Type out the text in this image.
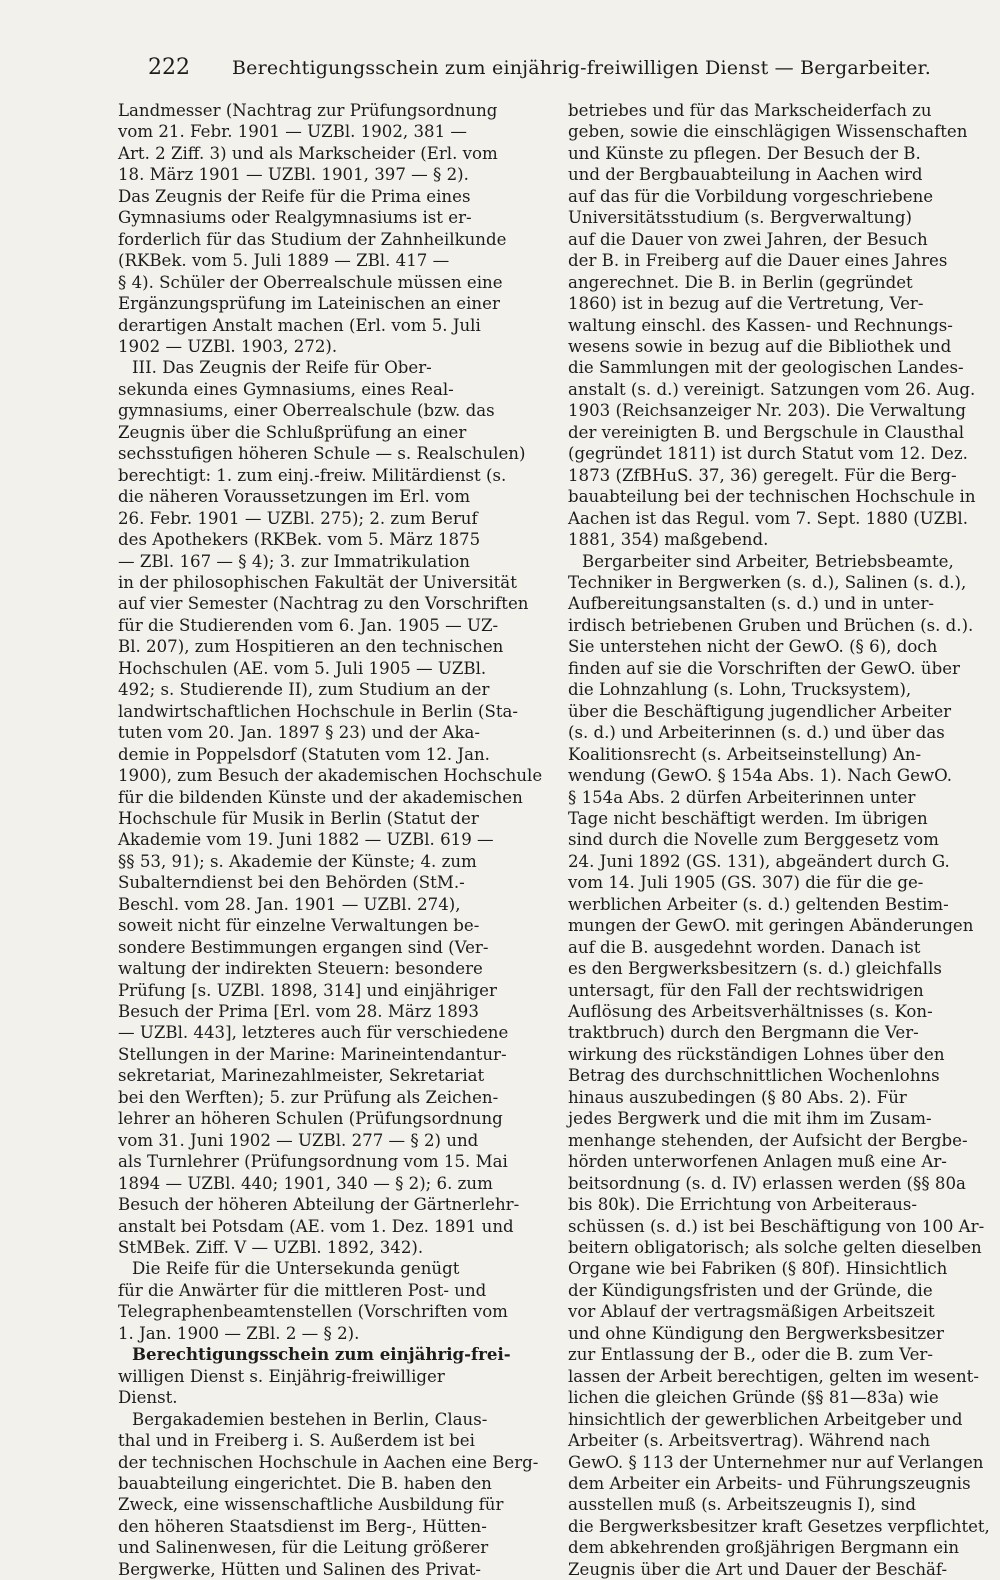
222 Berechtigungsschein zum einjährig-freiwilligen Dienst — Bergarbeiter.
Landmesser (Nachtrag zur Prüfungsordnung
vom 21. Febr. 1901 — UZBl. 1902, 381 —
Art. 2 Ziff. 3) und als Markscheider (Erl. vom
18. März 1901 — UZBl. 1901, 397 — § 2).
Das Zeugnis der Reife für die Prima eines
Gymnasiums oder Realgymnasiums ist er-
forderlich für das Studium der Zahnheilkunde
(RKBek. vom 5. Juli 1889 — ZBl. 417 —
§ 4). Schüler der Oberrealschule müssen eine
Ergänzungsprüfung im Lateinischen an einer
derartigen Anstalt machen (Erl. vom 5. Juli
1902 — UZBl. 1903, 272).
III. Das Zeugnis der Reife für Ober-
sekunda eines Gymnasiums, eines Real-
gymnasiums, einer Oberrealschule (bzw. das
Zeugnis über die Schlußprüfung an einer
sechsstufigen höheren Schule — s. Realschulen)
berechtigt: 1. zum einj.-freiw. Militärdienst (s.
die näheren Voraussetzungen im Erl. vom
26. Febr. 1901 — UZBl. 275); 2. zum Beruf
des Apothekers (RKBek. vom 5. März 1875
— ZBl. 167 — § 4); 3. zur Immatrikulation
in der philosophischen Fakultät der Universität
auf vier Semester (Nachtrag zu den Vorschriften
für die Studierenden vom 6. Jan. 1905 — UZ-
Bl. 207), zum Hospitieren an den technischen
Hochschulen (AE. vom 5. Juli 1905 — UZBl.
492; s. Studierende II), zum Studium an der
landwirtschaftlichen Hochschule in Berlin (Sta-
tuten vom 20. Jan. 1897 § 23) und der Aka-
demie in Poppelsdorf (Statuten vom 12. Jan.
1900), zum Besuch der akademischen Hochschule
für die bildenden Künste und der akademischen
Hochschule für Musik in Berlin (Statut der
Akademie vom 19. Juni 1882 — UZBl. 619 —
§§ 53, 91); s. Akademie der Künste; 4. zum
Subalterndienst bei den Behörden (StM.-
Beschl. vom 28. Jan. 1901 — UZBl. 274),
soweit nicht für einzelne Verwaltungen be-
sondere Bestimmungen ergangen sind (Ver-
waltung der indirekten Steuern: besondere
Prüfung [s. UZBl. 1898, 314] und einjähriger
Besuch der Prima [Erl. vom 28. März 1893
— UZBl. 443], letzteres auch für verschiedene
Stellungen in der Marine: Marineintendantur-
sekretariat, Marinezahlmeister, Sekretariat
bei den Werften); 5. zur Prüfung als Zeichen-
lehrer an höheren Schulen (Prüfungsordnung
vom 31. Juni 1902 — UZBl. 277 — § 2) und
als Turnlehrer (Prüfungsordnung vom 15. Mai
1894 — UZBl. 440; 1901, 340 — § 2); 6. zum
Besuch der höheren Abteilung der Gärtnerlehr-
anstalt bei Potsdam (AE. vom 1. Dez. 1891 und
StMBek. Ziff. V — UZBl. 1892, 342).
Die Reife für die Untersekunda genügt
für die Anwärter für die mittleren Post- und
Telegraphenbeamtenstellen (Vorschriften vom
1. Jan. 1900 — ZBl. 2 — § 2).
Berechtigungsschein zum einjährig-frei-
willigen Dienst s. Einjährig-freiwilliger
Dienst.
Bergakademien bestehen in Berlin, Claus-
thal und in Freiberg i. S. Außerdem ist bei
der technischen Hochschule in Aachen eine Berg-
bauabteilung eingerichtet. Die B. haben den
Zweck, eine wissenschaftliche Ausbildung für
den höheren Staatsdienst im Berg-, Hütten-
und Salinenwesen, für die Leitung größerer
Bergwerke, Hütten und Salinen des Privat-
betriebes und für das Markscheiderfach zu
geben, sowie die einschlägigen Wissenschaften
und Künste zu pflegen. Der Besuch der B.
und der Bergbauabteilung in Aachen wird
auf das für die Vorbildung vorgeschriebene
Universitätsstudium (s. Bergverwaltung)
auf die Dauer von zwei Jahren, der Besuch
der B. in Freiberg auf die Dauer eines Jahres
angerechnet. Die B. in Berlin (gegründet
1860) ist in bezug auf die Vertretung, Ver-
waltung einschl. des Kassen- und Rechnungs-
wesens sowie in bezug auf die Bibliothek und
die Sammlungen mit der geologischen Landes-
anstalt (s. d.) vereinigt. Satzungen vom 26. Aug.
1903 (Reichsanzeiger Nr. 203). Die Verwaltung
der vereinigten B. und Bergschule in Clausthal
(gegründet 1811) ist durch Statut vom 12. Dez.
1873 (ZfBHuS. 37, 36) geregelt. Für die Berg-
bauabteilung bei der technischen Hochschule in
Aachen ist das Regul. vom 7. Sept. 1880 (UZBl.
1881, 354) maßgebend.
Bergarbeiter sind Arbeiter, Betriebsbeamte,
Techniker in Bergwerken (s. d.), Salinen (s. d.),
Aufbereitungsanstalten (s. d.) und in unter-
irdisch betriebenen Gruben und Brüchen (s. d.).
Sie unterstehen nicht der GewO. (§ 6), doch
finden auf sie die Vorschriften der GewO. über
die Lohnzahlung (s. Lohn, Trucksystem),
über die Beschäftigung jugendlicher Arbeiter
(s. d.) und Arbeiterinnen (s. d.) und über das
Koalitionsrecht (s. Arbeitseinstellung) An-
wendung (GewO. § 154a Abs. 1). Nach GewO.
§ 154a Abs. 2 dürfen Arbeiterinnen unter
Tage nicht beschäftigt werden. Im übrigen
sind durch die Novelle zum Berggesetz vom
24. Juni 1892 (GS. 131), abgeändert durch G.
vom 14. Juli 1905 (GS. 307) die für die ge-
werblichen Arbeiter (s. d.) geltenden Bestim-
mungen der GewO. mit geringen Abänderungen
auf die B. ausgedehnt worden. Danach ist
es den Bergwerksbesitzern (s. d.) gleichfalls
untersagt, für den Fall der rechtswidrigen
Auflösung des Arbeitsverhältnisses (s. Kon-
traktbruch) durch den Bergmann die Ver-
wirkung des rückständigen Lohnes über den
Betrag des durchschnittlichen Wochenlohns
hinaus auszubedingen (§ 80 Abs. 2). Für
jedes Bergwerk und die mit ihm im Zusam-
menhange stehenden, der Aufsicht der Bergbe-
hörden unterworfenen Anlagen muß eine Ar-
beitsordnung (s. d. IV) erlassen werden (§§ 80a
bis 80k). Die Errichtung von Arbeiteraus-
schüssen (s. d.) ist bei Beschäftigung von 100 Ar-
beitern obligatorisch; als solche gelten dieselben
Organe wie bei Fabriken (§ 80f). Hinsichtlich
der Kündigungsfristen und der Gründe, die
vor Ablauf der vertragsmäßigen Arbeitszeit
und ohne Kündigung den Bergwerksbesitzer
zur Entlassung der B., oder die B. zum Ver-
lassen der Arbeit berechtigen, gelten im wesent-
lichen die gleichen Gründe (§§ 81—83a) wie
hinsichtlich der gewerblichen Arbeitgeber und
Arbeiter (s. Arbeitsvertrag). Während nach
GewO. § 113 der Unternehmer nur auf Verlangen
dem Arbeiter ein Arbeits- und Führungszeugnis
ausstellen muß (s. Arbeitszeugnis I), sind
die Bergwerksbesitzer kraft Gesetzes verpflichtet,
dem abkehrenden großjährigen Bergmann ein
Zeugnis über die Art und Dauer der Beschäf-
